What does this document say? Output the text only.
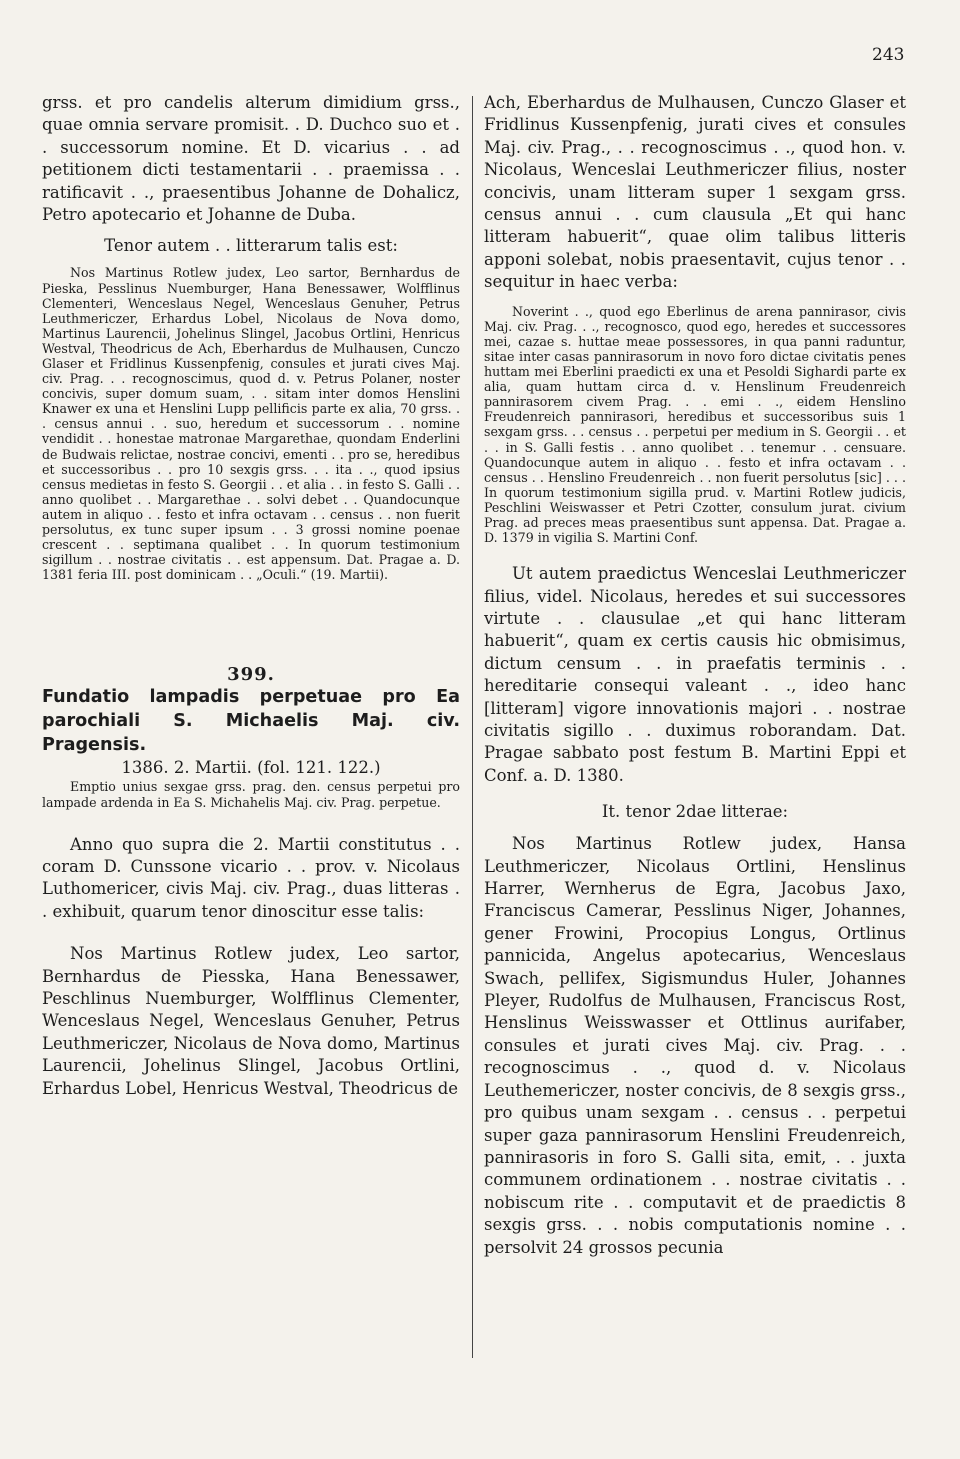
243

grss. et pro candelis alterum dimidium grss., quae omnia servare promisit. . D. Duchco suo et . . successorum nomine. Et D. vicarius . . ad petitionem dicti testamentarii . . praemissa . . ratificavit . ., praesentibus Johanne de Dohalicz, Petro apotecario et Johanne de Duba.

Tenor autem . . litterarum talis est:

Nos Martinus Rotlew judex, Leo sartor, Bernhardus de Pieska, Pesslinus Nuemburger, Hana Benessawer, Wolfflinus Clementeri, Wenceslaus Negel, Wenceslaus Genuher, Petrus Leuthmericzer, Erhardus Lobel, Nicolaus de Nova domo, Martinus Laurencii, Johelinus Slingel, Jacobus Ortlini, Henricus Westval, Theodricus de Ach, Eberhardus de Mulhausen, Cunczo Glaser et Fridlinus Kussenpfenig, consules et jurati cives Maj. civ. Prag. . . recognoscimus, quod d. v. Petrus Polaner, noster concivis, super domum suam, . . sitam inter domos Henslini Knawer ex una et Henslini Lupp pellificis parte ex alia, 70 grss. . . census annui . . suo, heredum et successorum . . nomine vendidit . . honestae matronae Margarethae, quondam Enderlini de Budwais relictae, nostrae concivi, ementi . . pro se, heredibus et successoribus . . pro 10 sexgis grss. . . ita . ., quod ipsius census medietas in festo S. Georgii . . et alia . . in festo S. Galli . . anno quolibet . . Margarethae . . solvi debet . . Quandocunque autem in aliquo . . festo et infra octavam . . census . . non fuerit persolutus, ex tunc super ipsum . . 3 grossi nomine poenae crescent . . septimana qualibet . . In quorum testimonium sigillum . . nostrae civitatis . . est appensum. Dat. Pragae a. D. 1381 feria III. post dominicam . . „Oculi.“ (19. Martii).

399.

Fundatio lampadis perpetuae pro Ea parochiali S. Michaelis Maj. civ. Pragensis.

1386. 2. Martii. (fol. 121. 122.)

Emptio unius sexgae grss. prag. den. census perpetui pro lampade ardenda in Ea S. Michahelis Maj. civ. Prag. perpetue.

Anno quo supra die 2. Martii constitutus . . coram D. Cunssone vicario . . prov. v. Nicolaus Luthomericer, civis Maj. civ. Prag., duas litteras . . exhibuit, quarum tenor dinoscitur esse talis:

Nos Martinus Rotlew judex, Leo sartor, Bernhardus de Piesska, Hana Benessawer, Peschlinus Nuemburger, Wolfflinus Clementer, Wenceslaus Negel, Wenceslaus Genuher, Petrus Leuthmericzer, Nicolaus de Nova domo, Martinus Laurencii, Johelinus Slingel, Jacobus Ortlini, Erhardus Lobel, Henricus Westval, Theodricus de

Ach, Eberhardus de Mulhausen, Cunczo Glaser et Fridlinus Kussenpfenig, jurati cives et consules Maj. civ. Prag., . . recognoscimus . ., quod hon. v. Nicolaus, Wenceslai Leuthmericzer filius, noster concivis, unam litteram super 1 sexgam grss. census annui . . cum clausula „Et qui hanc litteram habuerit“, quae olim talibus litteris apponi solebat, nobis praesentavit, cujus tenor . . sequitur in haec verba:

Noverint . ., quod ego Eberlinus de arena pannirasor, civis Maj. civ. Prag. . ., recognosco, quod ego, heredes et successores mei, cazae s. huttae meae possessores, in qua panni raduntur, sitae inter casas pannirasorum in novo foro dictae civitatis penes huttam mei Eberlini praedicti ex una et Pesoldi Sighardi parte ex alia, quam huttam circa d. v. Henslinum Freudenreich pannirasorem civem Prag. . . emi . ., eidem Henslino Freudenreich pannirasori, heredibus et successoribus suis 1 sexgam grss. . . census . . perpetui per medium in S. Georgii . . et . . in S. Galli festis . . anno quolibet . . tenemur . . censuare. Quandocunque autem in aliquo . . festo et infra octavam . . census . . Henslino Freudenreich . . non fuerit persolutus [sic] . . . In quorum testimonium sigilla prud. v. Martini Rotlew judicis, Peschlini Weiswasser et Petri Czotter, consulum jurat. civium Prag. ad preces meas praesentibus sunt appensa. Dat. Pragae a. D. 1379 in vigilia S. Martini Conf.

Ut autem praedictus Wenceslai Leuthmericzer filius, videl. Nicolaus, heredes et sui successores virtute . . clausulae „et qui hanc litteram habuerit“, quam ex certis causis hic obmisimus, dictum censum . . in praefatis terminis . . hereditarie consequi valeant . ., ideo hanc [litteram] vigore innovationis majori . . nostrae civitatis sigillo . . duximus roborandam. Dat. Pragae sabbato post festum B. Martini Eppi et Conf. a. D. 1380.

It. tenor 2dae litterae:

Nos Martinus Rotlew judex, Hansa Leuthmericzer, Nicolaus Ortlini, Henslinus Harrer, Wernherus de Egra, Jacobus Jaxo, Franciscus Camerar, Pesslinus Niger, Johannes, gener Frowini, Procopius Longus, Ortlinus pannicida, Angelus apotecarius, Wenceslaus Swach, pellifex, Sigismundus Huler, Johannes Pleyer, Rudolfus de Mulhausen, Franciscus Rost, Henslinus Weisswasser et Ottlinus aurifaber, consules et jurati cives Maj. civ. Prag. . . recognoscimus . ., quod d. v. Nicolaus Leuthemericzer, noster concivis, de 8 sexgis grss., pro quibus unam sexgam . . census . . perpetui super gaza pannirasorum Henslini Freudenreich, pannirasoris in foro S. Galli sita, emit, . . juxta communem ordinationem . . nostrae civitatis . . nobiscum rite . . computavit et de praedictis 8 sexgis grss. . . nobis computationis nomine . . persolvit 24 grossos pecunia
